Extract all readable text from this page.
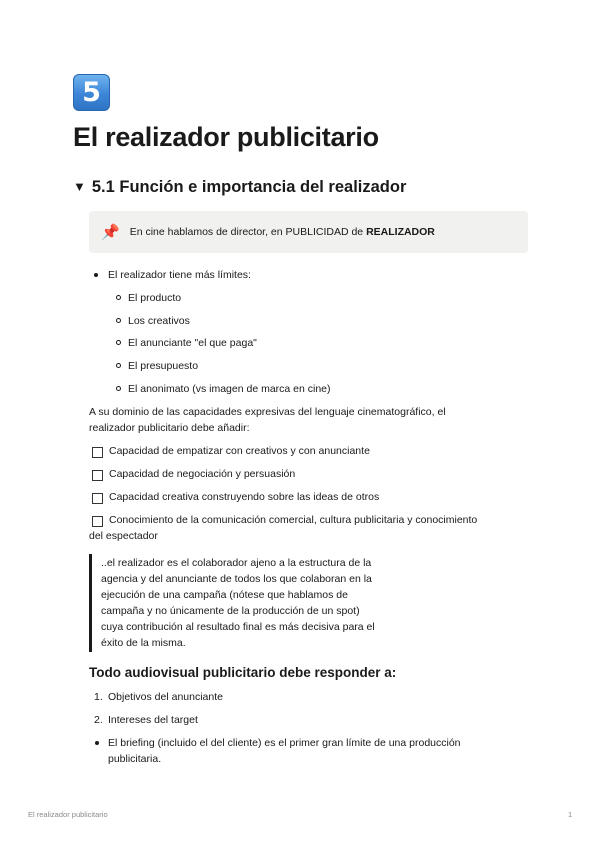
5
El realizador publicitario
▼ 5.1 Función e importancia del realizador
📌 En cine hablamos de director, en PUBLICIDAD de REALIZADOR
El realizador tiene más límites:
El producto
Los creativos
El anunciante "el que paga"
El presupuesto
El anonimato (vs imagen de marca en cine)
A su dominio de las capacidades expresivas del lenguaje cinematográfico, el
realizador publicitario debe añadir:
Capacidad de empatizar con creativos y con anunciante
Capacidad de negociación y persuasión
Capacidad creativa construyendo sobre las ideas de otros
Conocimiento de la comunicación comercial, cultura publicitaria y conocimiento
del espectador
..el realizador es el colaborador ajeno a la estructura de la
agencia y del anunciante de todos los que colaboran en la
ejecución de una campaña (nótese que hablamos de
campaña y no únicamente de la producción de un spot)
cuya contribución al resultado final es más decisiva para el
éxito de la misma.
Todo audiovisual publicitario debe responder a:
1. Objetivos del anunciante
2. Intereses del target
El briefing (incluido el del cliente) es el primer gran límite de una producción
publicitaria.
El realizador publicitario	1
